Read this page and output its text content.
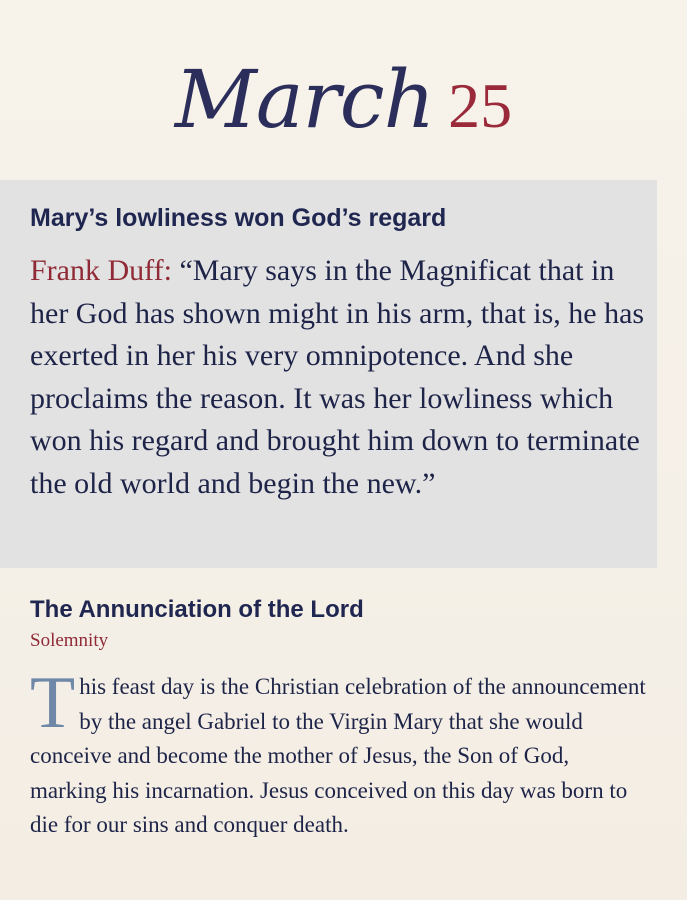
March 25
Mary’s lowliness won God’s regard

Frank Duff: “Mary says in the Magnificat that in her God has shown might in his arm, that is, he has exerted in her his very omnipotence. And she proclaims the reason. It was her lowliness which won his regard and brought him down to terminate the old world and begin the new.”

The Annunciation of the Lord
Solemnity

This feast day is the Christian celebration of the announcement by the angel Gabriel to the Virgin Mary that she would conceive and become the mother of Jesus, the Son of God, marking his incarnation. Jesus conceived on this day was born to die for our sins and conquer death.
